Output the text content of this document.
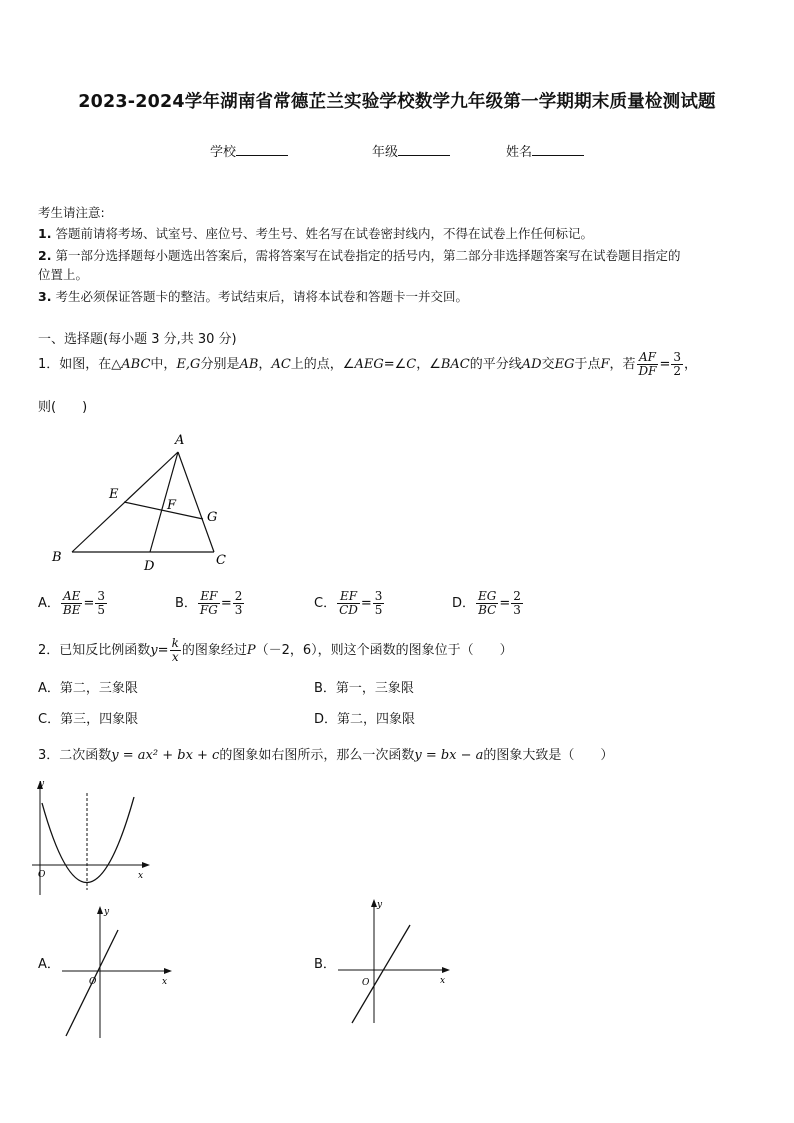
2023-2024学年湖南省常德芷兰实验学校数学九年级第一学期期末质量检测试题
学校	年级	姓名
考生请注意:
1. 答题前请将考场、试室号、座位号、考生号、姓名写在试卷密封线内，不得在试卷上作任何标记。
2. 第一部分选择题每小题选出答案后，需将答案写在试卷指定的括号内，第二部分非选择题答案写在试卷题目指定的
位置上。
3. 考生必须保证答题卡的整洁。考试结束后，请将本试卷和答题卡一并交回。
一、选择题(每小题 3 分,共 30 分)
1．如图，在△ABC中，E,G分别是AB，AC上的点，∠AEG=∠C，∠BAC的平分线AD交EG于点F，若 $\frac{AF}{DF} = \frac{3}{2}$ ，
则(　　)
A
B	C
D
E
F
G
A． $\frac{AE}{BE} = \frac{3}{5}$	B． $\frac{EF}{FG} = \frac{2}{3}$	C． $\frac{EF}{CD} = \frac{3}{5}$	D． $\frac{EG}{BC} = \frac{2}{3}$
2．已知反比例函数$y= \frac{k}{x}$ 的图象经过P（－2，6），则这个函数的图象位于（　　）
A．第二，三象限	B．第一，三象限
C．第三，四象限	D．第二，四象限
3．二次函数y = ax² + bx + c的图象如右图所示，那么一次函数y = bx − a的图象大致是（　　）
y
x
O
A．
y
x
O
B．
y
x
O
